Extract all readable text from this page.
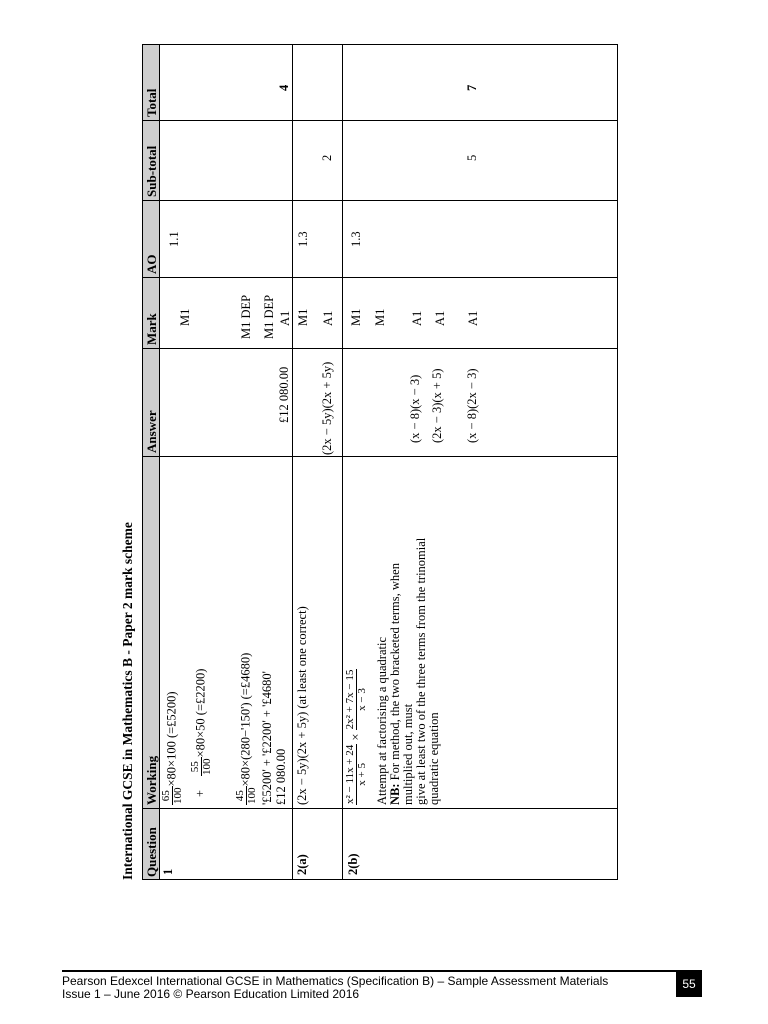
International GCSE in Mathematics B - Paper 2 mark scheme Question
Working
Answer
Mark
AO
Sub-total
Total
1
65 100
×80×100 (=£5200)
+
55 100
×80×50 (=£2200)
45 100
×80×(280−'150') (=£4680) '£5200' + '£2200' + '£4680' £12 080.00
£12 080.00
M1	M1 DEP M1 DEP A1
1.1
4
2(a)
(2x − 5y)(2x + 5y) (at least one correct)
(2x − 5y)(2x + 5y)
M1 A1
1.3
2
2(b)
x² − 11x + 24 x + 5
×
2x² + 7x − 15 x − 3 Attempt at factorising a quadratic NB: For method, the two bracketed terms, when multiplied out, must give at least two of the three terms from the trinomial quadratic equation
(x − 8)(x − 3) (2x − 3)(x + 5) (x − 8)(2x − 3)
M1 M1 A1 A1 A1
1.3
5
7
Pearson Edexcel International GCSE in Mathematics (Specification B) – Sample Assessment Materials
Issue 1 – June 2016 © Pearson Education Limited 2016
55
